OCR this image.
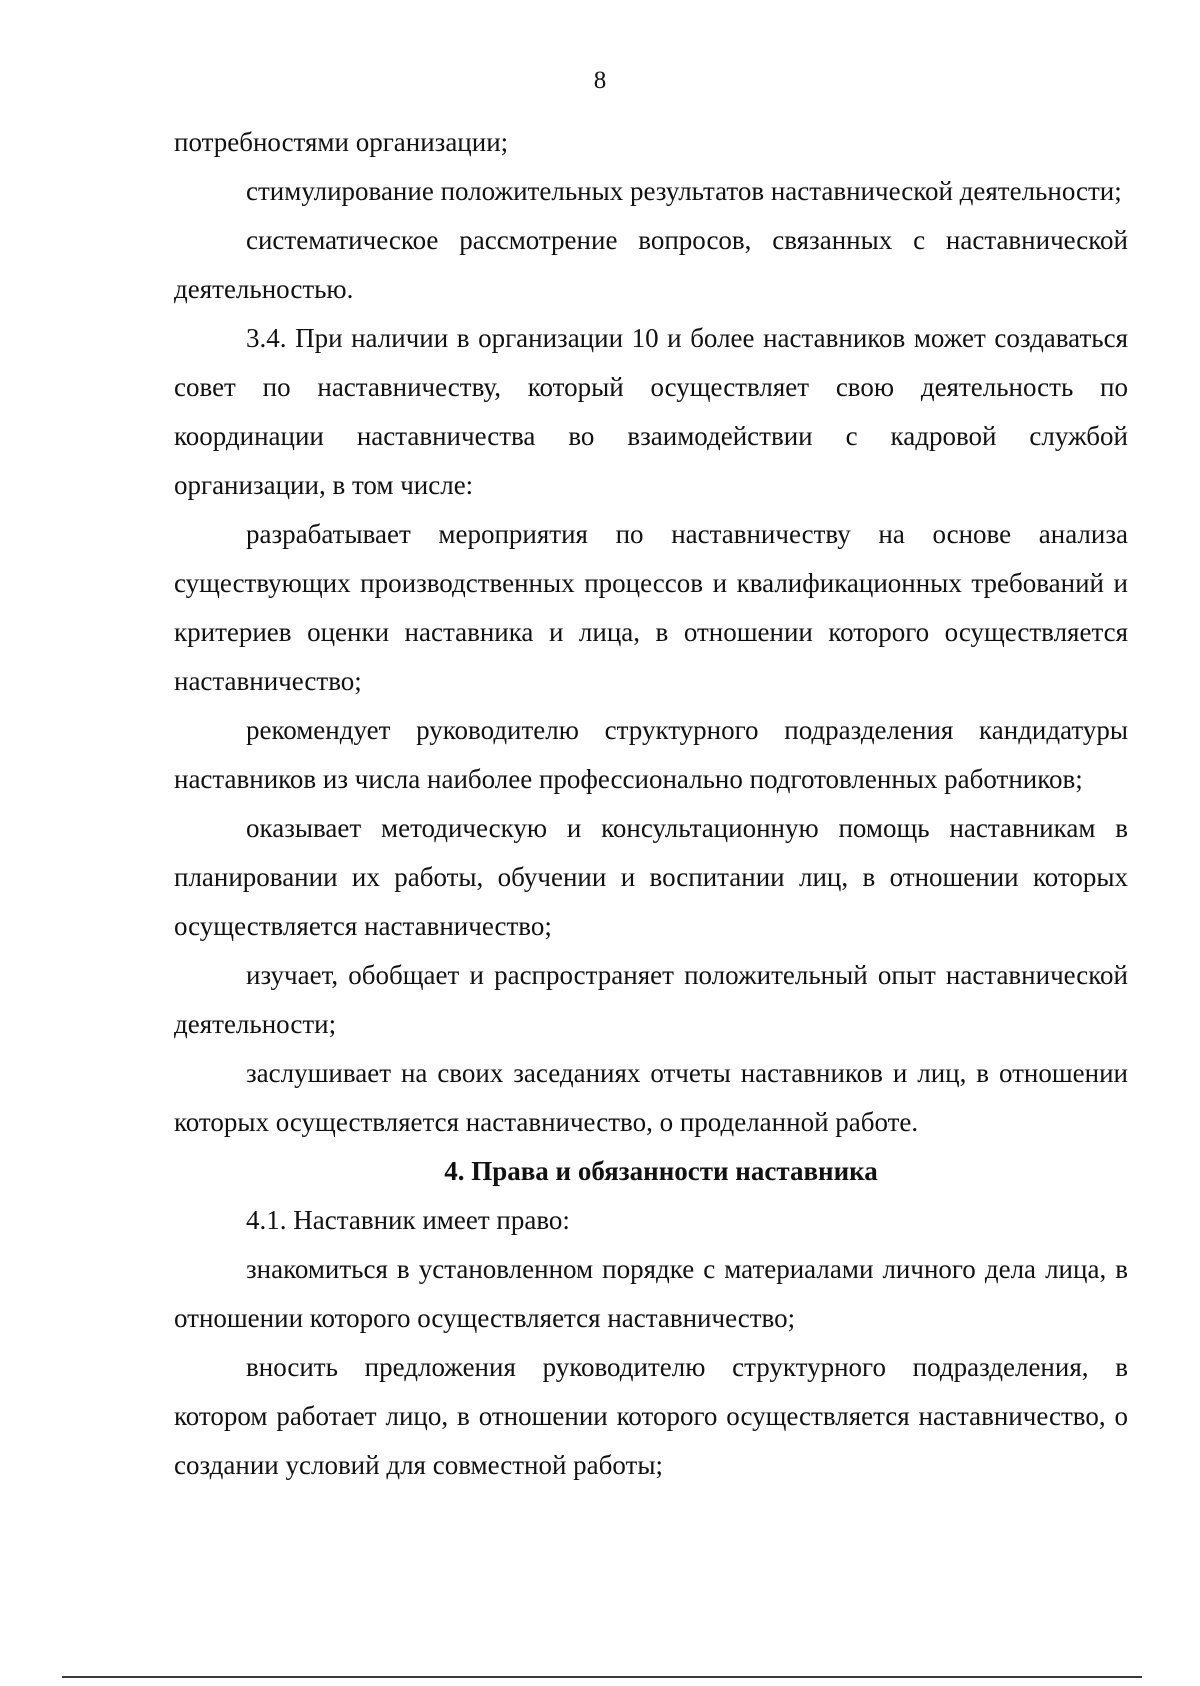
8

потребностями организации;

стимулирование положительных результатов наставнической деятельности;

систематическое рассмотрение вопросов, связанных с наставнической деятельностью.

3.4. При наличии в организации 10 и более наставников может создаваться совет по наставничеству, который осуществляет свою деятельность по координации наставничества во взаимодействии с кадровой службой организации, в том числе:

разрабатывает мероприятия по наставничеству на основе анализа существующих производственных процессов и квалификационных требований и критериев оценки наставника и лица, в отношении которого осуществляется наставничество;

рекомендует руководителю структурного подразделения кандидатуры наставников из числа наиболее профессионально подготовленных работников;

оказывает методическую и консультационную помощь наставникам в планировании их работы, обучении и воспитании лиц, в отношении которых осуществляется наставничество;

изучает, обобщает и распространяет положительный опыт наставнической деятельности;

заслушивает на своих заседаниях отчеты наставников и лиц, в отношении которых осуществляется наставничество, о проделанной работе.

4. Права и обязанности наставника

4.1. Наставник имеет право:

знакомиться в установленном порядке с материалами личного дела лица, в отношении которого осуществляется наставничество;

вносить предложения руководителю структурного подразделения, в котором работает лицо, в отношении которого осуществляется наставничество, о создании условий для совместной работы;
